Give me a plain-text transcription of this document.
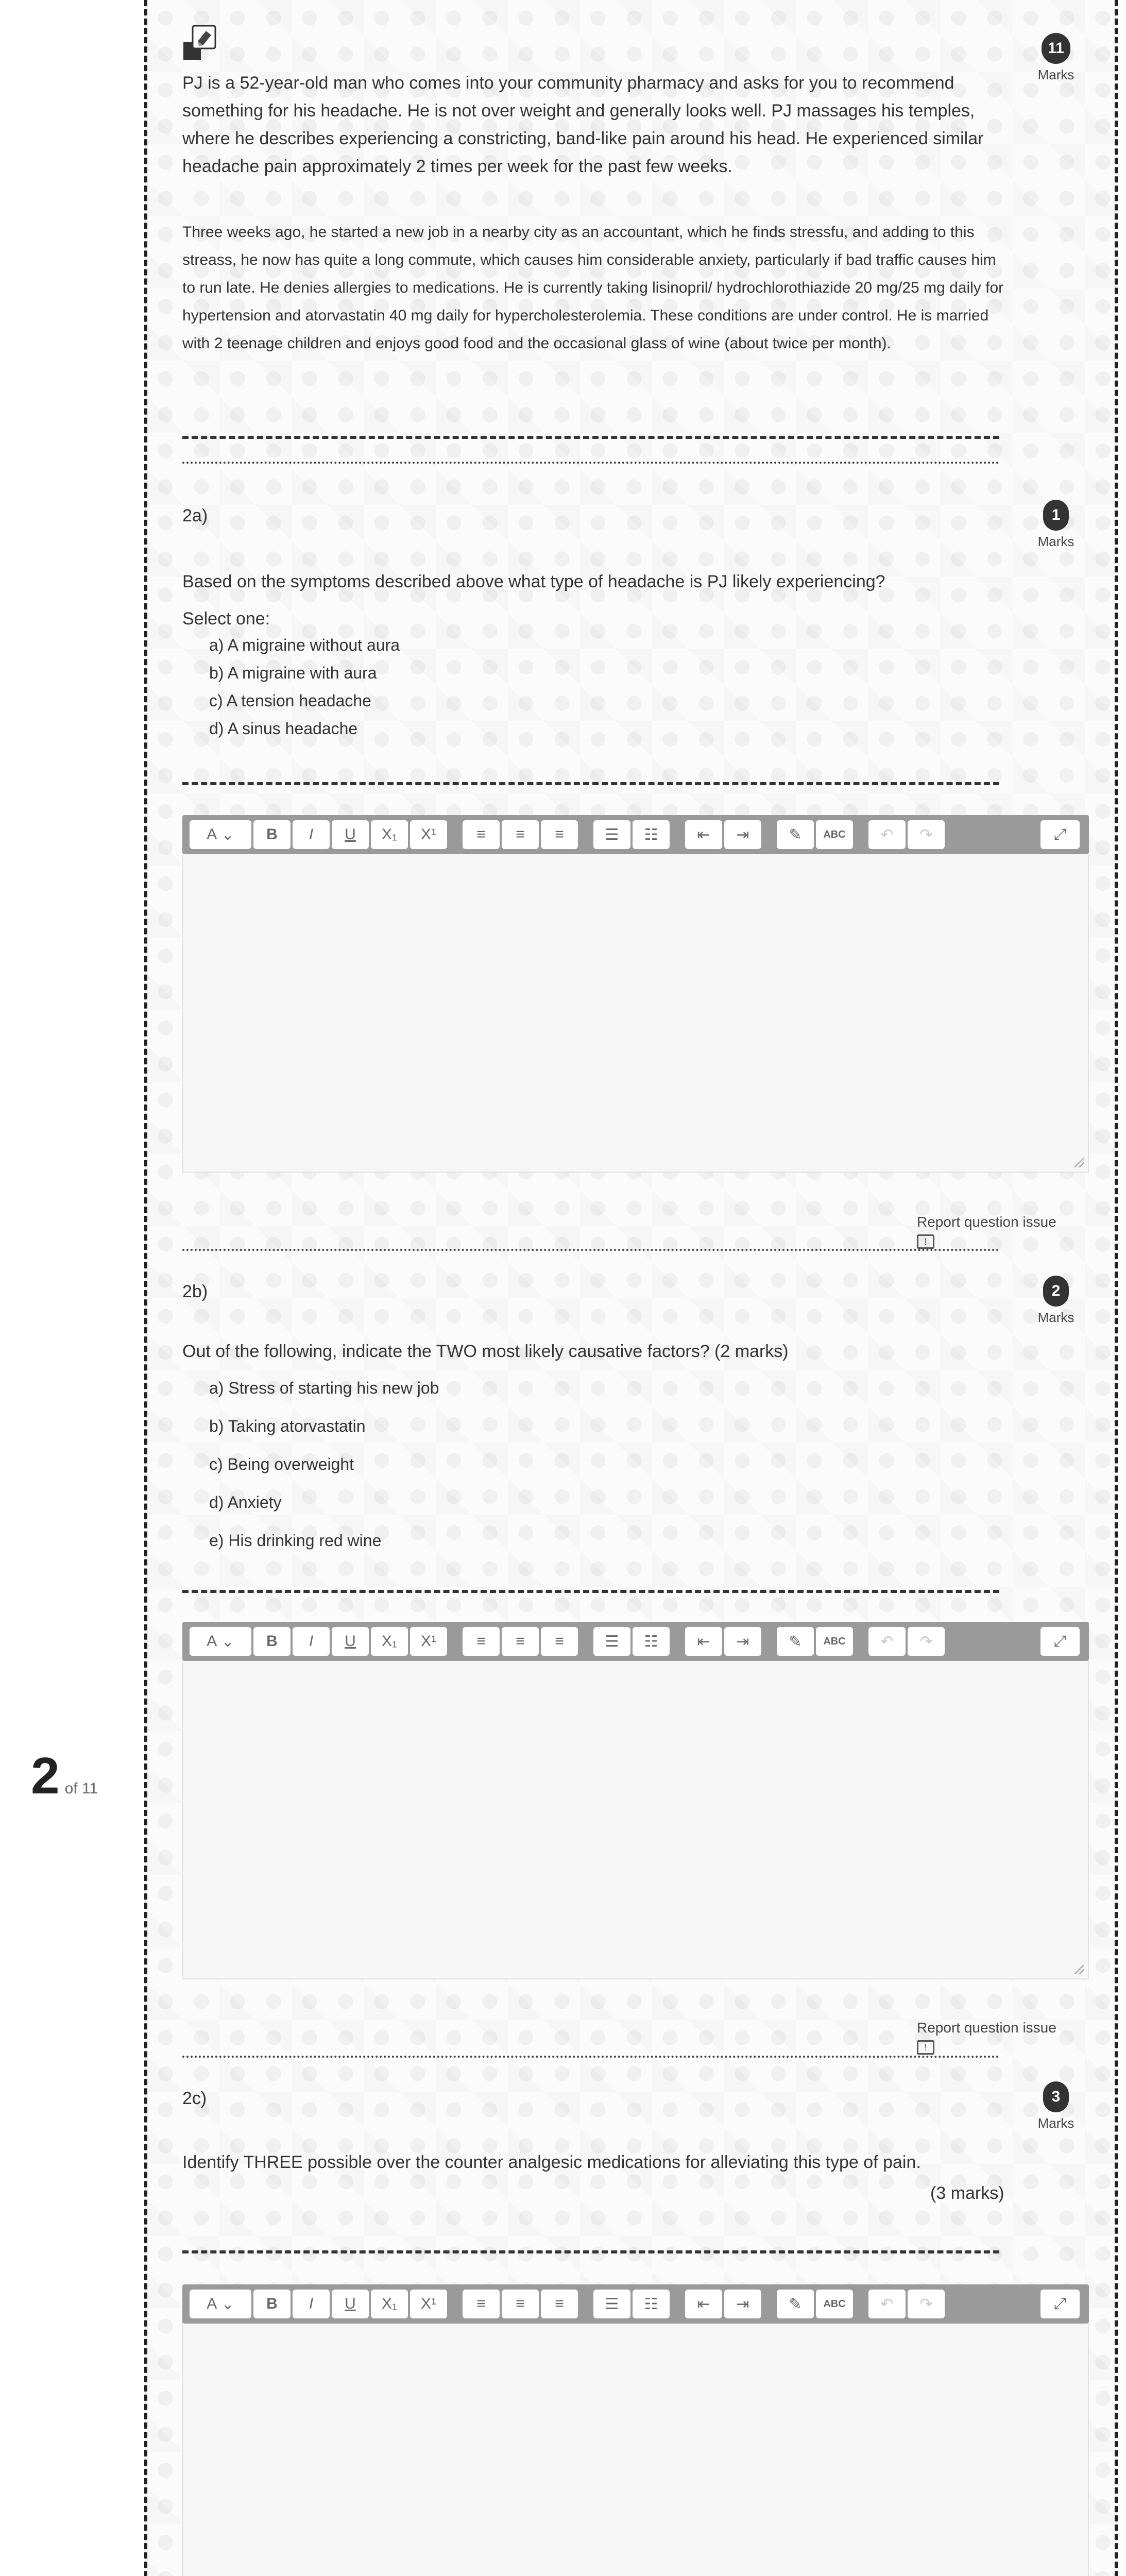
2 of 11
11
Marks
PJ is a 52-year-old man who comes into your community pharmacy and asks for you to recommend something for his headache. He is not over weight and generally looks well. PJ massages his temples, where he describes experiencing a constricting, band-like pain around his head. He experienced similar headache pain approximately 2 times per week for the past few weeks.
Three weeks ago, he started a new job in a nearby city as an accountant, which he finds stressfu, and adding to this streass, he now has quite a long commute, which causes him considerable anxiety, particularly if bad traffic causes him to run late. He denies allergies to medications. He is currently taking lisinopril/ hydrochlorothiazide 20 mg/25 mg daily for hypertension and atorvastatin 40 mg daily for hypercholesterolemia. These conditions are under control. He is married with 2 teenage children and enjoys good food and the occasional glass of wine (about twice per month).
2a)	1
Marks
Based on the symptoms described above what type of headache is PJ likely experiencing?
Select one:
a) A migraine without aura
b) A migraine with aura
c) A tension headache
d) A sinus headache
A ⌄	B	I	U	X₁	X¹	≡	≡	≡	☰	☷	⇤	⇥	✎	ABC	↶	↷	⤢
Report question issue
!
2b)	2
Marks
Out of the following, indicate the TWO most likely causative factors? (2 marks)
a) Stress of starting his new job
b) Taking atorvastatin
c) Being overweight
d) Anxiety
e) His drinking red wine
A ⌄	B	I	U	X₁	X¹	≡	≡	≡	☰	☷	⇤	⇥	✎	ABC	↶	↷	⤢
Report question issue
!
2c)	3
Marks
Identify THREE possible over the counter analgesic medications for alleviating this type of pain.
(3 marks)
A ⌄	B	I	U	X₁	X¹	≡	≡	≡	☰	☷	⇤	⇥	✎	ABC	↶	↷	⤢
